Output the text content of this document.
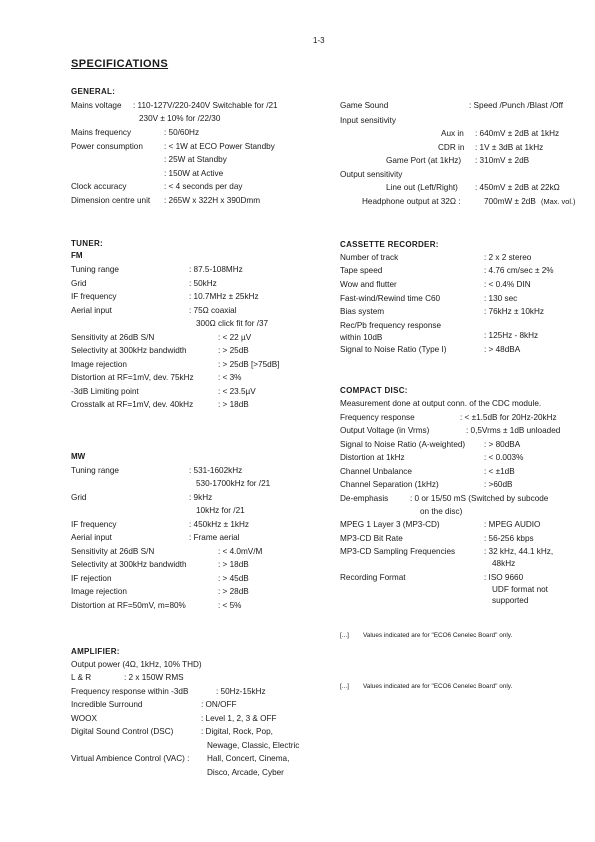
1-3
SPECIFICATIONS
GENERAL:
Mains voltage : 110-127V/220-240V Switchable for /21
230V ± 10% for /22/30
Mains frequency	: 50/60Hz
Power consumption	: < 1W at ECO Power Standby
: 25W at Standby
: 150W at Active
Clock accuracy	: < 4 seconds per day
Dimension centre unit : 265W x 322H x 390Dmm
Game Sound	: Speed /Punch /Blast /Off
Input sensitivity
Aux in : 640mV ± 2dB at 1kHz
CDR in : 1V ± 3dB at 1kHz
Game Port (at 1kHz) : 310mV ± 2dB
Output sensitivity
Line out (Left/Right) : 450mV ± 2dB at 22kΩ
Headphone output at 32Ω :	700mW ± 2dB (Max. vol.)
TUNER:
FM
Tuning range	: 87.5-108MHz
Grid	: 50kHz
IF frequency	: 10.7MHz ± 25kHz
Aerial input	: 75Ω coaxial
300Ω click fit for /37
Sensitivity at 26dB S/N	: < 22 µV
Selectivity at 300kHz bandwidth	: > 25dB
Image rejection	: > 25dB [>75dB]
Distortion at RF=1mV, dev. 75kHz	: < 3%
-3dB Limiting point	: < 23.5µV
Crosstalk at RF=1mV, dev. 40kHz	: > 18dB
CASSETTE RECORDER:
Number of track	: 2 x 2 stereo
Tape speed	: 4.76 cm/sec ± 2%
Wow and flutter	: < 0.4% DIN
Fast-wind/Rewind time C60	: 130 sec
Bias system	: 76kHz ± 10kHz
Rec/Pb frequency response
within 10dB	: 125Hz - 8kHz
Signal to Noise Ratio (Type I)	: > 48dBA
COMPACT DISC:
Measurement done at output conn. of the CDC module.
Frequency response	: < ±1.5dB for 20Hz-20kHz
Output Voltage (in Vrms)	: 0,5Vrms ± 1dB unloaded
Signal to Noise Ratio (A-weighted) : > 80dBA
Distortion at 1kHz	: < 0.003%
Channel Unbalance	: < ±1dB
Channel Separation (1kHz)	: >60dB
De-emphasis	: 0 or 15/50 mS (Switched by subcode
on the disc)
MPEG 1 Layer 3 (MP3-CD)	: MPEG AUDIO
MP3-CD Bit Rate	: 56-256 kbps
MP3-CD Sampling Frequencies	: 32 kHz, 44.1 kHz,
48kHz
Recording Format	: ISO 9660
UDF format not
supported
MW
Tuning range	: 531-1602kHz
530-1700kHz for /21
Grid	: 9kHz
10kHz for /21
IF frequency	: 450kHz ± 1kHz
Aerial input	: Frame aerial
Sensitivity at 26dB S/N	: < 4.0mV/M
Selectivity at 300kHz bandwidth	: > 18dB
IF rejection	: > 45dB
Image rejection	: > 28dB
Distortion at RF=50mV, m=80%	: < 5%
[...] Values indicated are for "ECO6 Cenelec Board" only.
[...] Values indicated are for "ECO6 Cenelec Board" only.
AMPLIFIER:
Output power (4Ω, 1kHz, 10% THD)
L & R	: 2 x 150W RMS
Frequency response within -3dB	: 50Hz-15kHz
Incredible Surround	: ON/OFF
WOOX	: Level 1, 2, 3 & OFF
Digital Sound Control (DSC)	: Digital, Rock, Pop,
Newage, Classic, Electric
Virtual Ambience Control (VAC) : Hall, Concert, Cinema,
Disco, Arcade, Cyber
